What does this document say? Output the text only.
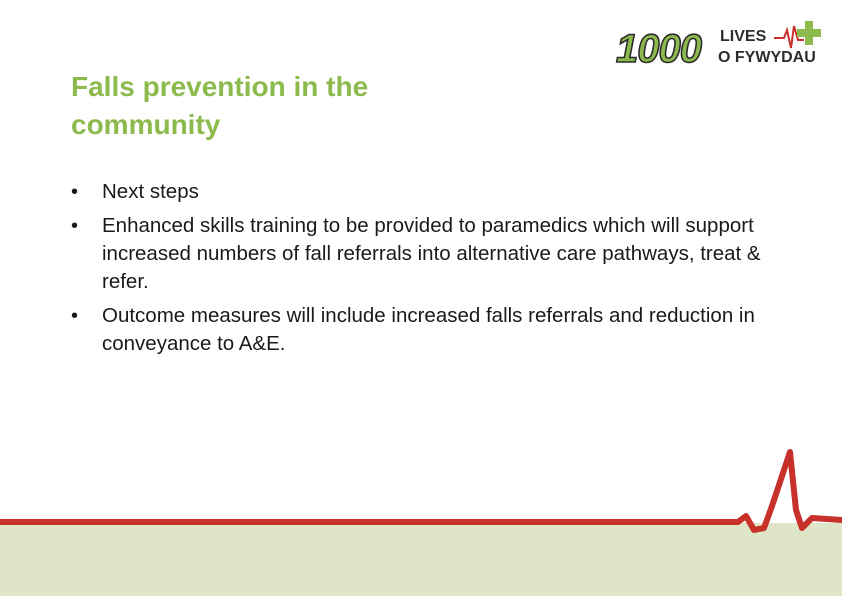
1000 LIVES
O FYWYDAU
Falls prevention in the community
•	Next steps
•	Enhanced skills training to be provided to paramedics which will support increased numbers of fall referrals into alternative care pathways, treat & refer.
•	Outcome measures will include increased falls referrals and reduction in conveyance to A&E.
